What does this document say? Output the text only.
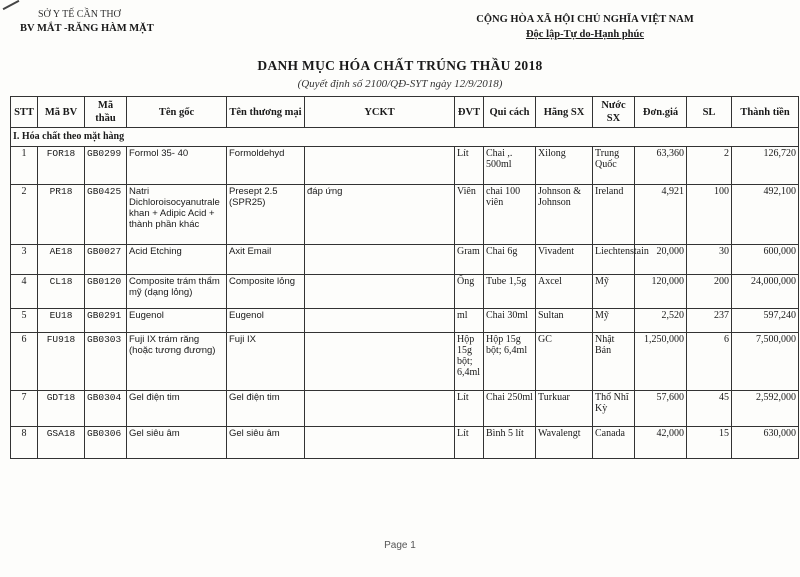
SỞ Y TẾ CẦN THƠ
BV MẮT -RĂNG HÀM MẶT
CỘNG HÒA XÃ HỘI CHỦ NGHĨA VIỆT NAM
Độc lập-Tự do-Hạnh phúc
DANH MỤC HÓA CHẤT TRÚNG THẦU 2018
(Quyết định số 2100/QĐ-SYT ngày 12/9/2018)
STT	Mã BV	Mã thầu	Tên gốc	Tên thương mại	YCKT	ĐVT	Qui cách	Hãng SX	Nước SX	Đơn.giá	SL	Thành tiền
I. Hóa chất theo mặt hàng												
1	FOR18	GB0299	Formol 35- 40	Formoldehyd		Lít	Chai ,. 500ml	Xilong	Trung Quốc	63,360	2	126,720
2	PR18	GB0425	Natri Dichloroisocyanutrale khan + Adipic Acid + thành phần khác	Presept 2.5 (SPR25)	đáp ứng	Viên	chai 100 viên	Johnson & Johnson	Ireland	4,921	100	492,100
3	AE18	GB0027	Acid Etching	Axit Email		Gram	Chai 6g	Vivadent	Liechtenstain	20,000	30	600,000
4	CL18	GB0120	Composite trám thẩm mỹ (dạng lỏng)	Composite lỏng		Ống	Tube 1,5g	Axcel	Mỹ	120,000	200	24,000,000
5	EU18	GB0291	Eugenol	Eugenol		ml	Chai 30ml	Sultan	Mỹ	2,520	237	597,240
6	FU918	GB0303	Fuji IX trám răng (hoặc tương đương)	Fuji IX		Hộp 15g bột; 6,4ml	Hộp 15g bột; 6,4ml	GC	Nhật Bản	1,250,000	6	7,500,000
7	GDT18	GB0304	Gel điện tim	Gel điện tim		Lít	Chai 250ml	Turkuar	Thổ Nhĩ Kỳ	57,600	45	2,592,000
8	GSA18	GB0306	Gel siêu âm	Gel siêu âm		Lít	Bình 5 lít	Wavalengt	Canada	42,000	15	630,000
Page 1
